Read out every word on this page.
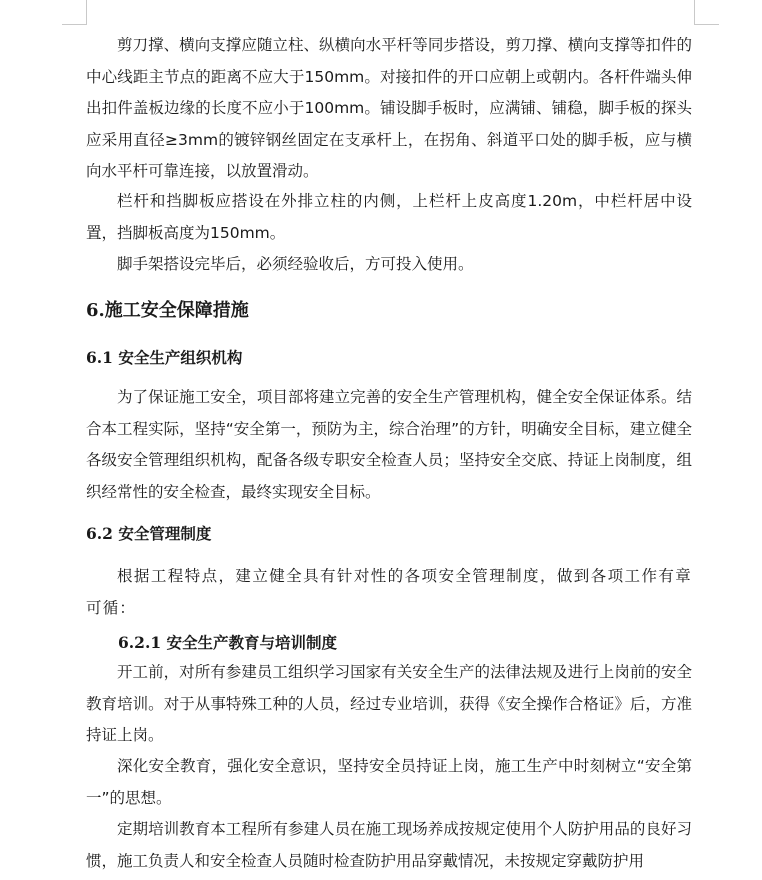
剪刀撑、横向支撑应随立柱、纵横向水平杆等同步搭设，剪刀撑、横向支撑等扣件的中心线距主节点的距离不应大于150mm。对接扣件的开口应朝上或朝内。各杆件端头伸出扣件盖板边缘的长度不应小于100mm。铺设脚手板时，应满铺、铺稳，脚手板的探头应采用直径≥3mm的镀锌钢丝固定在支承杆上，在拐角、斜道平口处的脚手板，应与横向水平杆可靠连接，以放置滑动。

栏杆和挡脚板应搭设在外排立柱的内侧，上栏杆上皮高度1.20m，中栏杆居中设置，挡脚板高度为150mm。

脚手架搭设完毕后，必须经验收后，方可投入使用。

6.施工安全保障措施
6.1 安全生产组织机构

为了保证施工安全，项目部将建立完善的安全生产管理机构，健全安全保证体系。结合本工程实际，坚持“安全第一，预防为主，综合治理”的方针，明确安全目标，建立健全各级安全管理组织机构，配备各级专职安全检查人员；坚持安全交底、持证上岗制度，组织经常性的安全检查，最终实现安全目标。

6.2 安全管理制度

根据工程特点，建立健全具有针对性的各项安全管理制度，做到各项工作有章可循：

6.2.1 安全生产教育与培训制度

开工前，对所有参建员工组织学习国家有关安全生产的法律法规及进行上岗前的安全教育培训。对于从事特殊工种的人员，经过专业培训，获得《安全操作合格证》后，方准持证上岗。

深化安全教育，强化安全意识，坚持安全员持证上岗，施工生产中时刻树立“安全第一”的思想。

定期培训教育本工程所有参建人员在施工现场养成按规定使用个人防护用品的良好习惯，施工负责人和安全检查人员随时检查防护用品穿戴情况，未按规定穿戴防护用
